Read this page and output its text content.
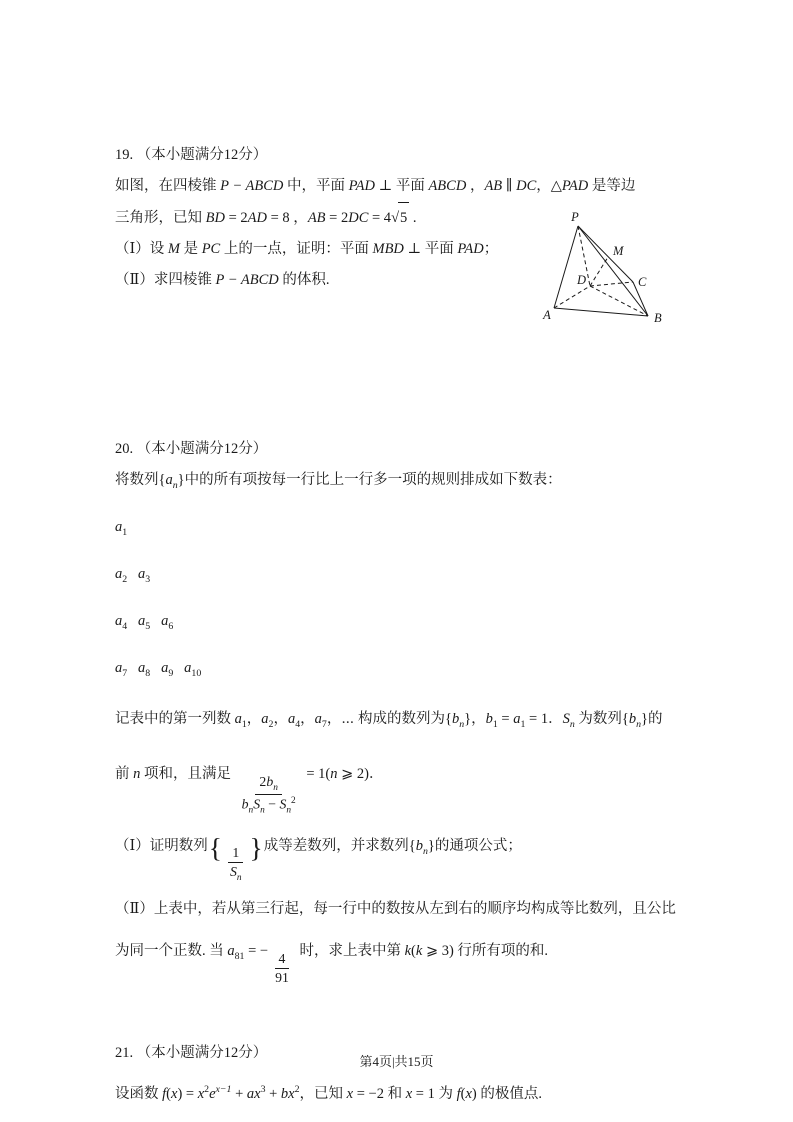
19. （本小题满分12分）
如图，在四棱锥 P − ABCD 中，平面 PAD ⊥ 平面 ABCD ，AB ∥ DC，△PAD 是等边
三角形，已知 BD = 2AD = 8 ，AB = 2DC = 4√5 .
（Ⅰ）设 M 是 PC 上的一点，证明：平面 MBD ⊥ 平面 PAD；
（Ⅱ）求四棱锥 P − ABCD 的体积.
P
A	B
C
D
M
20. （本小题满分12分）
将数列$\{a_n\}$中的所有项按每一行比上一行多一项的规则排成如下数表：
$a_1$
$a_2$ $a_3$
$a_4$ $a_5$ $a_6$
$a_7$ $a_8$ $a_9$ $a_{10}$
记表中的第一列数 $a_1$，$a_2$，$a_4$，$a_7$，⋯ 构成的数列为$\{b_n\}$，$b_1 = a_1 = 1$．$S_n$ 为数列$\{b_n\}$的
前 n 项和，且满足 $\frac{2b_n}{b_nS_n - S_n^2} = 1(n$ ⩾ 2)．
（Ⅰ）证明数列{ $\frac{1}{S_n}$ }成等差数列，并求数列$\{b_n\}$的通项公式；
（Ⅱ）上表中，若从第三行起，每一行中的数按从左到右的顺序均构成等比数列，且公比
为同一个正数. 当 $a_{81}$ = − $\frac{4}{91}$ 时，求上表中第 k(k ⩾ 3) 行所有项的和.
21. （本小题满分12分）
设函数 $f(x) = x^2e^{x-1} + ax^3 + bx^2$，已知 x = −2 和 x = 1 为 f(x) 的极值点.
第4页|共15页
